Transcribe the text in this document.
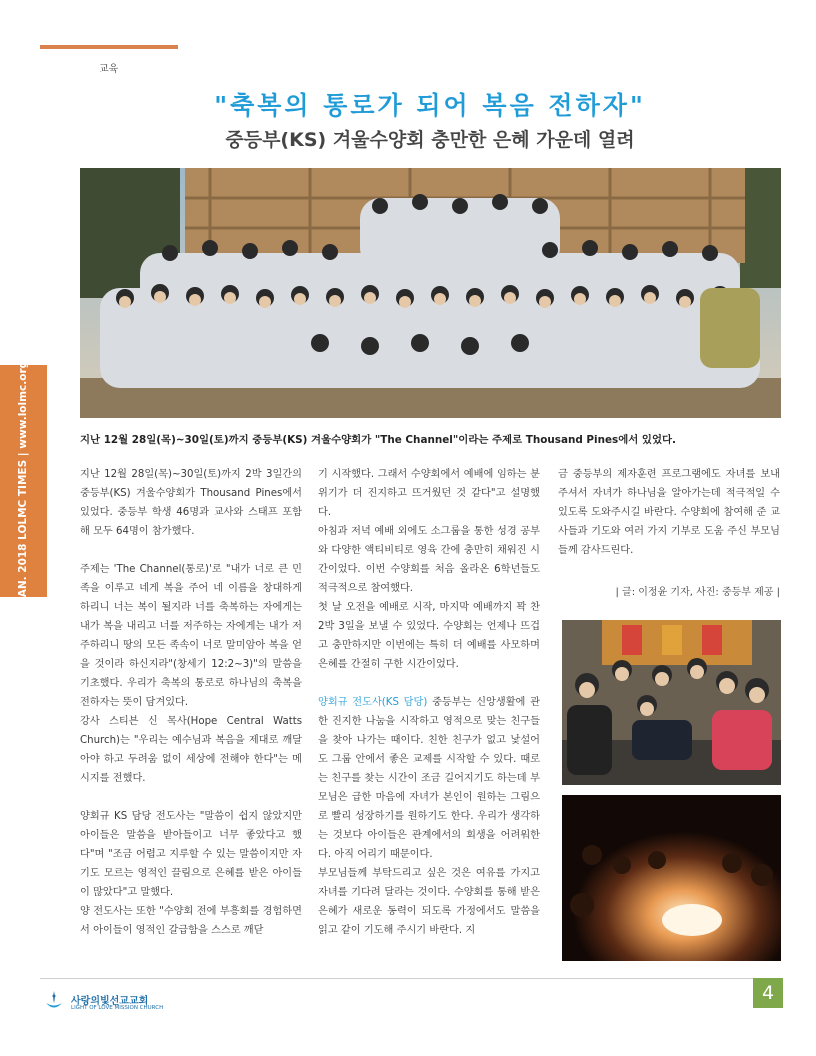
교육
"축복의 통로가 되어 복음 전하자"
중등부(KS) 겨울수양회 충만한 은혜 가운데 열려
JAN. 2018 LOLMC TIMES | www.lolmc.org	지난 12월 28일(목)~30일(토)까지 중등부(KS) 겨울수양회가 "The Channel"이라는 주제로 Thousand Pines에서 있었다.

지난 12월 28일(목)~30일(토)까지 2박 3일간의 중등부(KS) 겨울수양회가 Thousand Pines에서 있었다. 중등부 학생 46명과 교사와 스태프 포함해 모두 64명이 참가했다.

주제는 'The Channel(통로)'로 "내가 너로 큰 민족을 이루고 네게 복을 주어 네 이름을 창대하게 하리니 너는 복이 될지라 너를 축복하는 자에게는 내가 복을 내리고 너를 저주하는 자에게는 내가 저주하리니 땅의 모든 족속이 너로 말미암아 복을 얻을 것이라 하신지라"(창세기 12:2~3)"의 말씀을 기초했다. 우리가 축복의 통로로 하나님의 축복을 전하자는 뜻이 담겨있다.

강사 스티븐 신 목사(Hope Central Watts Church)는 "우리는 예수님과 복음을 제대로 깨달아야 하고 두려움 없이 세상에 전해야 한다"는 메시지를 전했다.

양회규 KS 담당 전도사는 "말씀이 쉽지 않았지만 아이들은 말씀을 받아들이고 너무 좋았다고 했다"며 "조금 어렵고 지루할 수 있는 말씀이지만 자기도 모르는 영적인 끌림으로 은혜를 받은 아이들이 많았다"고 말했다.

양 전도사는 또한 "수양회 전에 부흥회를 경험하면서 아이들이 영적인 갈급함을 스스로 깨닫

기 시작했다. 그래서 수양회에서 예배에 임하는 분위기가 더 진지하고 뜨거웠던 것 같다"고 설명했다.

아침과 저녁 예배 외에도 소그룹을 통한 성경 공부와 다양한 액티비티로 영육 간에 충만히 채워진 시간이었다. 이번 수양회를 처음 올라온 6학년들도 적극적으로 참여했다.

첫 날 오전을 예배로 시작, 마지막 예배까지 꽉 찬 2박 3일을 보낼 수 있었다. 수양회는 언제나 뜨겁고 충만하지만 이번에는 특히 더 예배를 사모하며 은혜를 간절히 구한 시간이었다.

양회규 전도사(KS 담당) 중등부는 신앙생활에 관한 진지한 나눔을 시작하고 영적으로 맞는 친구들을 찾아 나가는 때이다. 친한 친구가 없고 낯설어도 그룹 안에서 좋은 교제를 시작할 수 있다. 때로는 친구를 찾는 시간이 조금 길어지기도 하는데 부모님은 급한 마음에 자녀가 본인이 원하는 그림으로 빨리 성장하기를 원하기도 한다. 우리가 생각하는 것보다 아이들은 관계에서의 회생을 어려워한다. 아직 어리기 때문이다.

부모님들께 부탁드리고 싶은 것은 여유를 가지고 자녀를 기다려 달라는 것이다. 수양회를 통해 받은 은혜가 새로운 동력이 되도록 가정에서도 말씀을 읽고 같이 기도해 주시기 바란다. 지

금 중등부의 제자훈련 프로그램에도 자녀를 보내 주셔서 자녀가 하나님을 알아가는데 적극적일 수 있도록 도와주시길 바란다. 수양회에 참여해 준 교사들과 기도와 여러 가지 기부로 도움 주신 부모님들께 감사드린다.

| 글: 이정윤 기자, 사진: 중등부 제공 |
사랑의빛선교교회
LIGHT OF LOVE MISSION CHURCH
4
